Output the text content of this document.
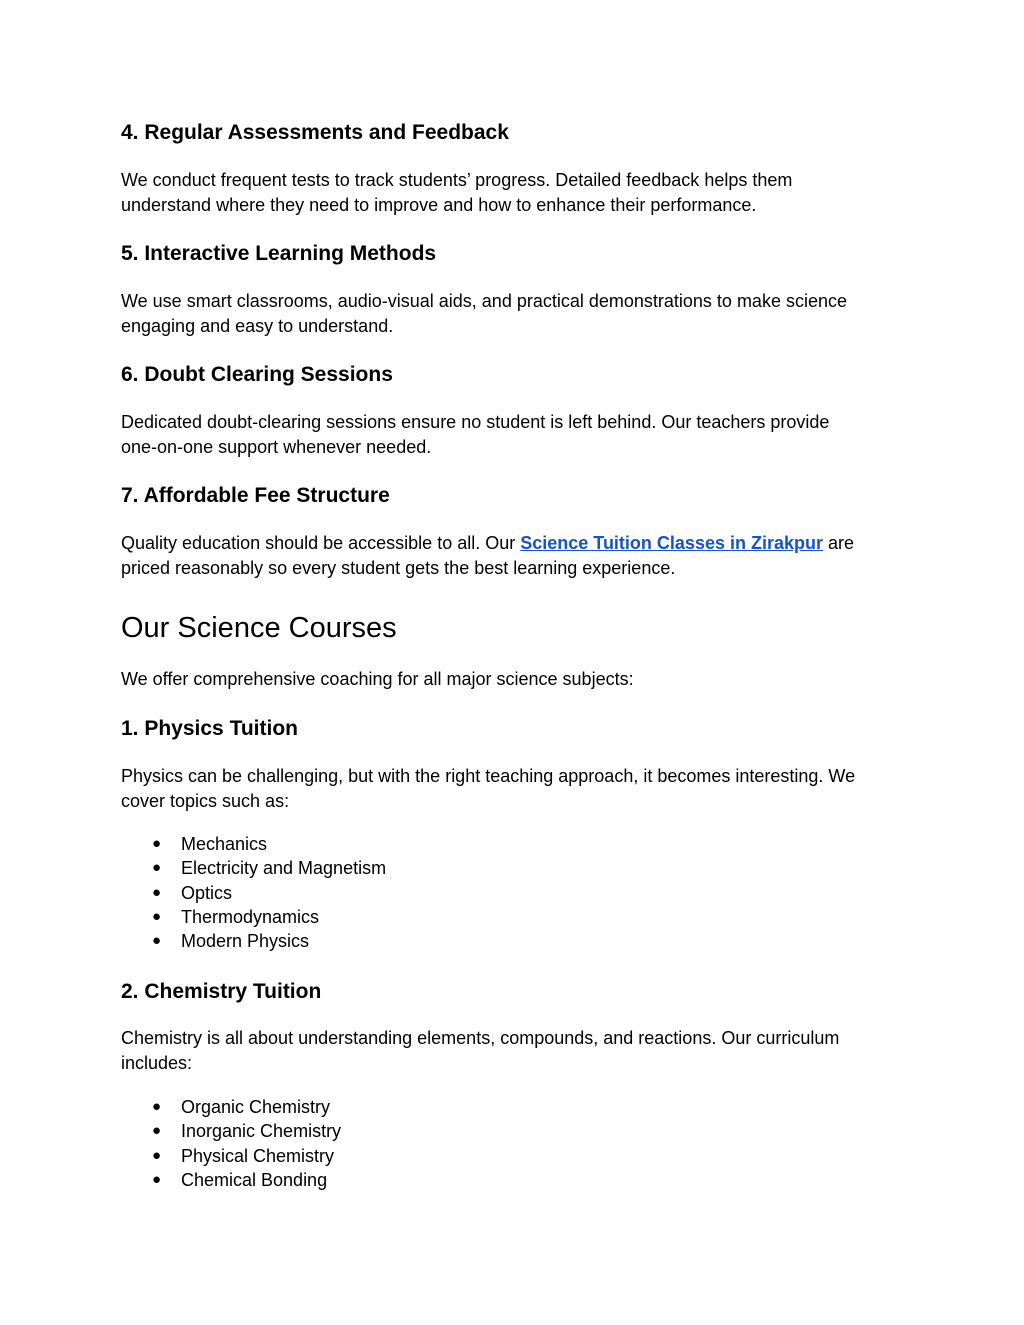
4. Regular Assessments and Feedback

We conduct frequent tests to track students’ progress. Detailed feedback helps them
understand where they need to improve and how to enhance their performance.

5. Interactive Learning Methods

We use smart classrooms, audio-visual aids, and practical demonstrations to make science
engaging and easy to understand.

6. Doubt Clearing Sessions

Dedicated doubt-clearing sessions ensure no student is left behind. Our teachers provide
one-on-one support whenever needed.

7. Affordable Fee Structure

Quality education should be accessible to all. Our Science Tuition Classes in Zirakpur are
priced reasonably so every student gets the best learning experience.

Our Science Courses

We offer comprehensive coaching for all major science subjects:

1. Physics Tuition

Physics can be challenging, but with the right teaching approach, it becomes interesting. We
cover topics such as:

● Mechanics
● Electricity and Magnetism
● Optics
● Thermodynamics
● Modern Physics
2. Chemistry Tuition

Chemistry is all about understanding elements, compounds, and reactions. Our curriculum
includes:

● Organic Chemistry
● Inorganic Chemistry
● Physical Chemistry
● Chemical Bonding
